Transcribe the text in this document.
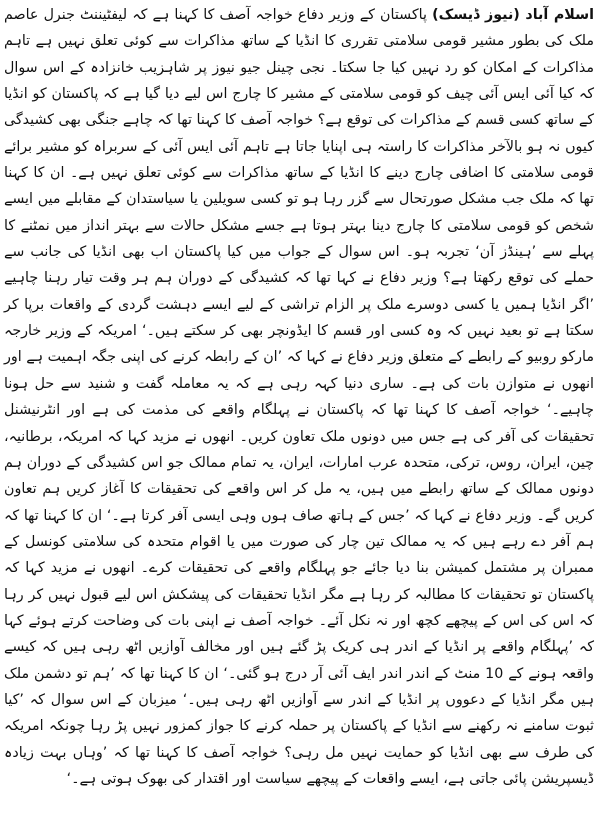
اسلام آباد (نیوز ڈیسک) پاکستان کے وزیر دفاع خواجہ آصف کا کہنا ہے کہ لیفٹیننٹ جنرل عاصم ملک کی بطور مشیر قومی سلامتی تقرری کا انڈیا کے ساتھ مذاکرات سے کوئی تعلق نہیں ہے تاہم مذاکرات کے امکان کو رد نہیں کیا جا سکتا۔ نجی چینل جیو نیوز پر شاہزیب خانزادہ کے اس سوال کہ کیا آئی ایس آئی چیف کو قومی سلامتی کے مشیر کا چارج اس لیے دیا گیا ہے کہ پاکستان کو انڈیا کے ساتھ کسی قسم کے مذاکرات کی توقع ہے؟ خواجہ آصف کا کہنا تھا کہ چاہے جنگی بھی کشیدگی کیوں نہ ہو بالآخر مذاکرات کا راستہ ہی اپنایا جاتا ہے تاہم آئی ایس آئی کے سربراہ کو مشیر برائے قومی سلامتی کا اضافی چارج دینے کا انڈیا کے ساتھ مذاکرات سے کوئی تعلق نہیں ہے۔ ان کا کہنا تھا کہ ملک جب مشکل صورتحال سے گزر رہا ہو تو کسی سویلین یا سیاستدان کے مقابلے میں ایسے شخص کو قومی سلامتی کا چارج دینا بہتر ہوتا ہے جسے مشکل حالات سے بہتر انداز میں نمٹنے کا پہلے سے ’ہینڈز آن‘ تجربہ ہو۔ اس سوال کے جواب میں کیا پاکستان اب بھی انڈیا کی جانب سے حملے کی توقع رکھتا ہے؟ وزیر دفاع نے کہا تھا کہ کشیدگی کے دوران ہم ہر وقت تیار رہنا چاہیے ’اگر انڈیا ہمیں یا کسی دوسرے ملک پر الزام تراشی کے لیے ایسے دہشت گردی کے واقعات برپا کر سکتا ہے تو بعید نہیں کہ وہ کسی اور قسم کا ایڈونچر بھی کر سکتے ہیں۔‘ امریکہ کے وزیر خارجہ مارکو روبیو کے رابطے کے متعلق وزیر دفاع نے کہا کہ ’ان کے رابطہ کرنے کی اپنی جگہ اہمیت ہے اور انھوں نے متوازن بات کی ہے۔ ساری دنیا کہہ رہی ہے کہ یہ معاملہ گفت و شنید سے حل ہونا چاہیے۔‘ خواجہ آصف کا کہنا تھا کہ پاکستان نے پہلگام واقعے کی مذمت کی ہے اور انٹرنیشنل تحقیقات کی آفر کی ہے جس میں دونوں ملک تعاون کریں۔ انھوں نے مزید کہا کہ امریکہ، برطانیہ، چین، ایران، روس، ترکی، متحدہ عرب امارات، ایران، یہ تمام ممالک جو اس کشیدگی کے دوران ہم دونوں ممالک کے ساتھ رابطے میں ہیں، یہ مل کر اس واقعے کی تحقیقات کا آغاز کریں ہم تعاون کریں گے۔ وزیر دفاع نے کہا کہ ’جس کے ہاتھ صاف ہوں وہی ایسی آفر کرتا ہے۔‘ ان کا کہنا تھا کہ ہم آفر دے رہے ہیں کہ یہ ممالک تین چار کی صورت میں یا اقوام متحدہ کی سلامتی کونسل کے ممبران پر مشتمل کمیشن بنا دیا جائے جو پہلگام واقعے کی تحقیقات کرے۔ انھوں نے مزید کہا کہ پاکستان تو تحقیقات کا مطالبہ کر رہا ہے مگر انڈیا تحقیقات کی پیشکش اس لیے قبول نہیں کر رہا کہ اس کی اس کے پیچھے کچھ اور نہ نکل آئے۔ خواجہ آصف نے اپنی بات کی وضاحت کرتے ہوئے کہا کہ ’پہلگام واقعے پر انڈیا کے اندر ہی کریک پڑ گئے ہیں اور مخالف آوازیں اٹھ رہی ہیں کہ کیسے واقعہ ہونے کے 10 منٹ کے اندر اندر ایف آئی آر درج ہو گئی۔‘ ان کا کہنا تھا کہ ’ہم تو دشمن ملک ہیں مگر انڈیا کے دعووں پر انڈیا کے اندر سے آوازیں اٹھ رہی ہیں۔‘ میزبان کے اس سوال کہ ’کیا ثبوت سامنے نہ رکھنے سے انڈیا کے پاکستان پر حملہ کرنے کا جواز کمزور نہیں پڑ رہا چونکہ امریکہ کی طرف سے بھی انڈیا کو حمایت نہیں مل رہی؟ خواجہ آصف کا کہنا تھا کہ ’وہاں بہت زیادہ ڈیسپریشن پائی جاتی ہے، ایسے واقعات کے پیچھے سیاست اور اقتدار کی بھوک ہوتی ہے۔‘
